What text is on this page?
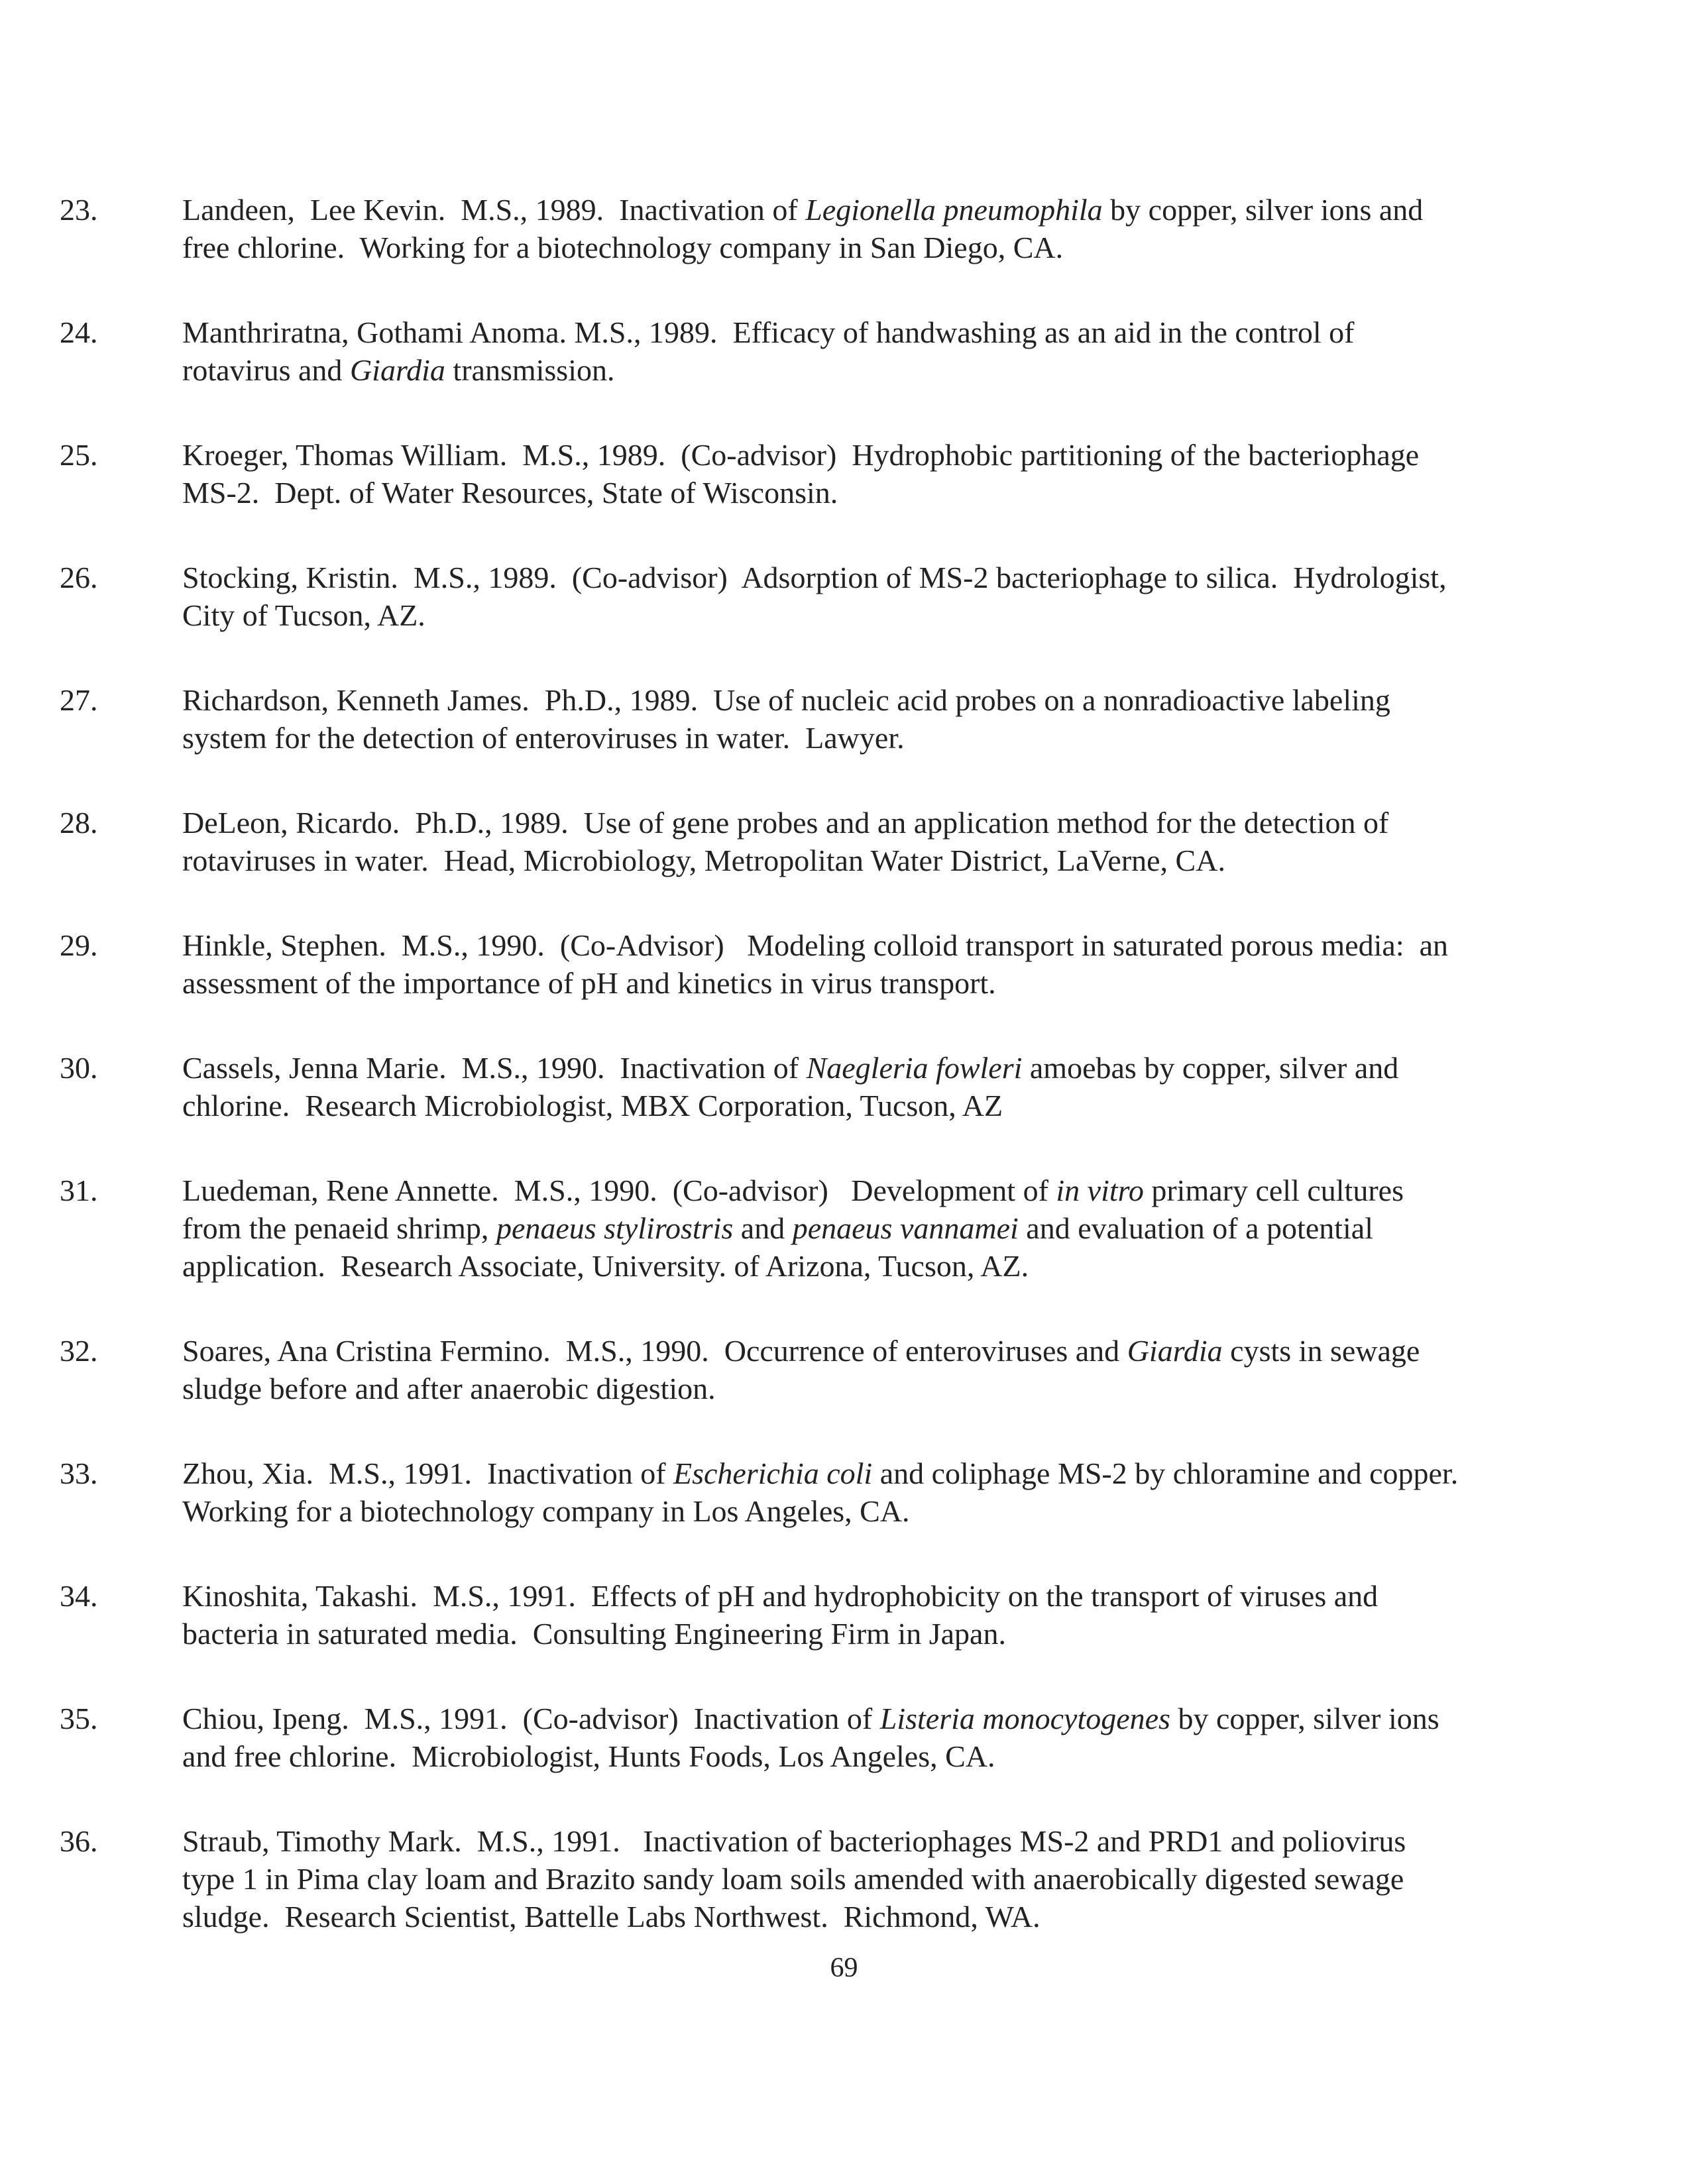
23.	Landeen,  Lee Kevin.  M.S., 1989.  Inactivation of Legionella pneumophila by copper, silver ions and
free chlorine.  Working for a biotechnology company in San Diego, CA.
24.	Manthriratna, Gothami Anoma. M.S., 1989.  Efficacy of handwashing as an aid in the control of
rotavirus and Giardia transmission.
25.	Kroeger, Thomas William.  M.S., 1989.  (Co-advisor)  Hydrophobic partitioning of the bacteriophage
MS-2.  Dept. of Water Resources, State of Wisconsin.
26.	Stocking, Kristin.  M.S., 1989.  (Co-advisor)  Adsorption of MS-2 bacteriophage to silica.  Hydrologist,
City of Tucson, AZ.
27.	Richardson, Kenneth James.  Ph.D., 1989.  Use of nucleic acid probes on a nonradioactive labeling
system for the detection of enteroviruses in water.  Lawyer.
28.	DeLeon, Ricardo.  Ph.D., 1989.  Use of gene probes and an application method for the detection of
rotaviruses in water.  Head, Microbiology, Metropolitan Water District, LaVerne, CA.
29.	Hinkle, Stephen.  M.S., 1990.  (Co-Advisor)   Modeling colloid transport in saturated porous media:  an
assessment of the importance of pH and kinetics in virus transport.
30.	Cassels, Jenna Marie.  M.S., 1990.  Inactivation of Naegleria fowleri amoebas by copper, silver and
chlorine.  Research Microbiologist, MBX Corporation, Tucson, AZ
31.	Luedeman, Rene Annette.  M.S., 1990.  (Co-advisor)   Development of in vitro primary cell cultures
from the penaeid shrimp, penaeus stylirostris and penaeus vannamei and evaluation of a potential
application.  Research Associate, University. of Arizona, Tucson, AZ.
32.	Soares, Ana Cristina Fermino.  M.S., 1990.  Occurrence of enteroviruses and Giardia cysts in sewage
sludge before and after anaerobic digestion.
33.	Zhou, Xia.  M.S., 1991.  Inactivation of Escherichia coli and coliphage MS-2 by chloramine and copper.
Working for a biotechnology company in Los Angeles, CA.
34.	Kinoshita, Takashi.  M.S., 1991.  Effects of pH and hydrophobicity on the transport of viruses and
bacteria in saturated media.  Consulting Engineering Firm in Japan.
35.	Chiou, Ipeng.  M.S., 1991.  (Co-advisor)  Inactivation of Listeria monocytogenes by copper, silver ions
and free chlorine.  Microbiologist, Hunts Foods, Los Angeles, CA.
36.	Straub, Timothy Mark.  M.S., 1991.   Inactivation of bacteriophages MS-2 and PRD1 and poliovirus
type 1 in Pima clay loam and Brazito sandy loam soils amended with anaerobically digested sewage
sludge.  Research Scientist, Battelle Labs Northwest.  Richmond, WA.
69
